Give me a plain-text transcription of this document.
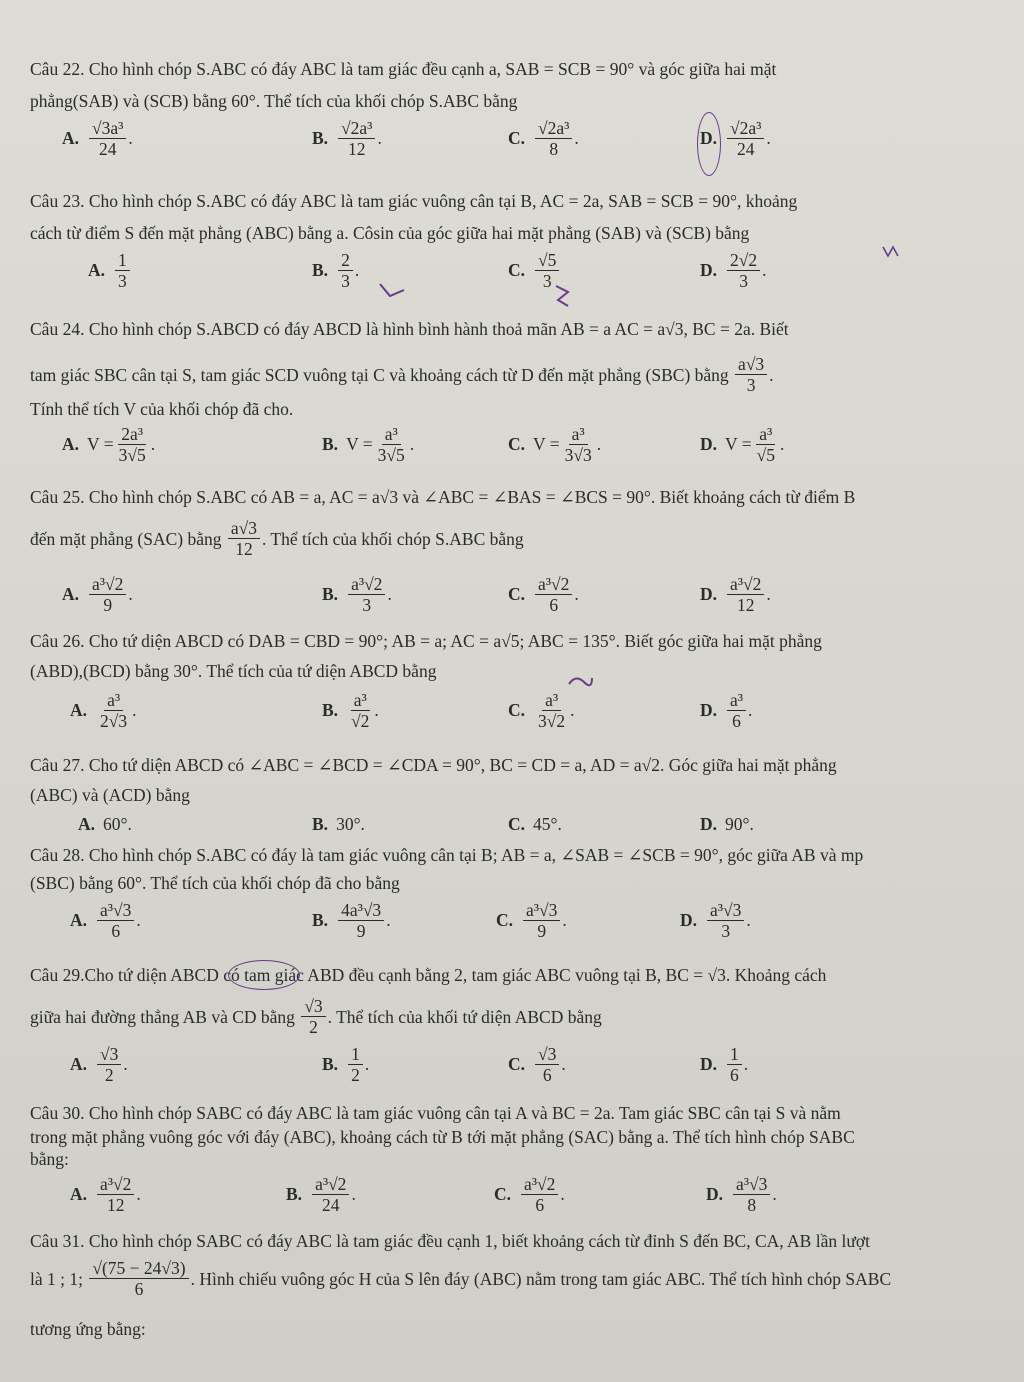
Câu 22. Cho hình chóp S.ABC có đáy ABC là tam giác đều cạnh a, SAB = SCB = 90° và góc giữa hai mặt
phẳng(SAB) và (SCB) bằng 60°. Thể tích của khối chóp S.ABC bằng
A. $\frac{\text{√3a³}}{24}$ .	B. $\frac{\text{√2a³}}{12}$ .	C. $\frac{\text{√2a³}}{8}$ .	D. $\frac{\text{√2a³}}{24}$ .
Câu 23. Cho hình chóp S.ABC có đáy ABC là tam giác vuông cân tại B, AC = 2a, SAB = SCB = 90°, khoảng
cách từ điểm S đến mặt phẳng (ABC) bằng a. Côsin của góc giữa hai mặt phẳng (SAB) và (SCB) bằng
A. $\frac{1}{3}$	B. $\frac{2}{3}$ .	C. $\frac{√5}{3}$	D. $\frac{2√2}{3}$ .
Câu 24. Cho hình chóp S.ABCD có đáy ABCD là hình bình hành thoả mãn AB = a AC = a√3, BC = 2a. Biết
tam giác SBC cân tại S, tam giác SCD vuông tại C và khoảng cách từ D đến mặt phẳng (SBC) bằng
$\frac{a√3}{3}$ .
Tính thể tích V của khối chóp đã cho.
A. $V = \frac{\text{2a³}}{3√5}$ .	B. $V = \frac{\text{a³}}{3√5}$ .	C. $V = \frac{\text{a³}}{3√3}$ .	D. $V = \frac{\text{a³}}{√5}$ .
Câu 25. Cho hình chóp S.ABC có AB = a, AC = a√3 và ∠ABC = ∠BAS = ∠BCS = 90°. Biết khoảng cách từ điểm B
đến mặt phẳng (SAC) bằng
$\frac{a√3}{12}$ . Thể tích của khối chóp S.ABC bằng
A. $\frac{\text{a³√2}}{9}$ .	B. $\frac{\text{a³√2}}{3}$ .	C. $\frac{\text{a³√2}}{6}$ .	D. $\frac{\text{a³√2}}{12}$ .
Câu 26. Cho tứ diện ABCD có DAB = CBD = 90°; AB = a; AC = a√5; ABC = 135°. Biết góc giữa hai mặt phẳng
(ABD),(BCD) bằng 30°. Thể tích của tứ diện ABCD bằng
A. $\frac{\text{a³}}{2√3}$ .	B. $\frac{\text{a³}}{√2}$ .	C. $\frac{\text{a³}}{3√2}$ .	D. $\frac{\text{a³}}{6}$ .
Câu 27. Cho tứ diện ABCD có ∠ABC = ∠BCD = ∠CDA = 90°, BC = CD = a, AD = a√2. Góc giữa hai mặt phẳng
(ABC) và (ACD) bằng
A. 60°.	B. 30°.	C. 45°.	D. 90°.
Câu 28. Cho hình chóp S.ABC có đáy là tam giác vuông cân tại B; AB = a, ∠SAB = ∠SCB = 90°, góc giữa AB và mp
(SBC) bằng 60°. Thể tích của khối chóp đã cho bằng
A. $\frac{\text{a³√3}}{6}$ .	B. $\frac{\text{4a³√3}}{9}$ .	C. $\frac{\text{a³√3}}{9}$ .	D. $\frac{\text{a³√3}}{3}$ .
Câu 29.Cho tứ diện ABCD có tam giác ABD đều cạnh bằng 2, tam giác ABC vuông tại B, BC = √3. Khoảng cách
giữa hai đường thẳng AB và CD bằng
$\frac{√3}{2}$ . Thể tích của khối tứ diện ABCD bằng
A. $\frac{√3}{2}$ .	B. $\frac{1}{2}$ .	C. $\frac{√3}{6}$ .	D. $\frac{1}{6}$ .
Câu 30. Cho hình chóp SABC có đáy ABC là tam giác vuông cân tại A và BC = 2a. Tam giác SBC cân tại S và nằm
trong mặt phẳng vuông góc với đáy (ABC), khoảng cách từ B tới mặt phẳng (SAC) bằng a. Thể tích hình chóp SABC
bằng:
A. $\frac{\text{a³√2}}{12}$ .	B. $\frac{\text{a³√2}}{24}$ .	C. $\frac{\text{a³√2}}{6}$ .	D. $\frac{\text{a³√3}}{8}$ .
Câu 31. Cho hình chóp SABC có đáy ABC là tam giác đều cạnh 1, biết khoảng cách từ đỉnh S đến BC, CA, AB lần lượt
là 1 ; 1;
$\frac{√(75 - 24√3)}{6}$ . Hình chiếu vuông góc H của S lên đáy (ABC) nằm trong tam giác ABC. Thể tích hình chóp SABC
tương ứng bằng:
